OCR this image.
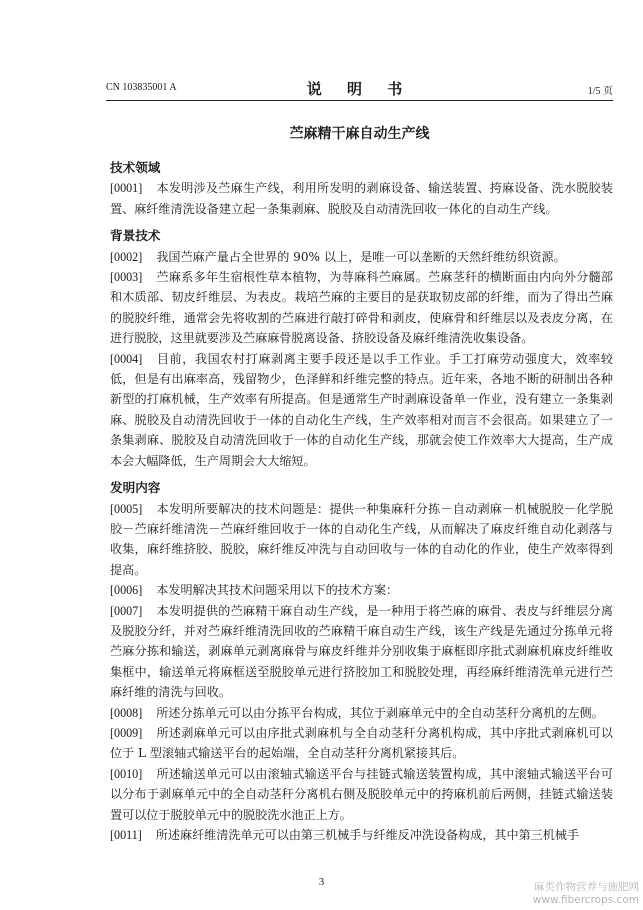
CN 103835001 A	说 明 书	1/5 页
苎麻精干麻自动生产线
技术领域

[0001] 本发明涉及苎麻生产线，利用所发明的剥麻设备、输送装置、挎麻设备、洗水脱胶装置、麻纤维清洗设备建立起一条集剥麻、脱胶及自动清洗回收一体化的自动生产线。

背景技术

[0002] 我国苎麻产量占全世界的 90% 以上，是唯一可以垄断的天然纤维纺织资源。

[0003] 苎麻系多年生宿根性草本植物，为荨麻科苎麻属。苎麻茎秆的横断面由内向外分髓部和木质部、韧皮纤维层、为表皮。栽培苎麻的主要目的是获取韧皮部的纤维，而为了得出苎麻的脱胶纤维，通常会先将收割的苎麻进行敲打碎骨和剥皮，使麻骨和纤维层以及表皮分离，在进行脱胶，这里就要涉及苎麻麻骨脱离设备、挤胶设备及麻纤维清洗收集设备。

[0004] 目前，我国农村打麻剥离主要手段还是以手工作业。手工打麻劳动强度大，效率较低，但是有出麻率高，残留物少，色泽鲜和纤维完整的特点。近年来，各地不断的研制出各种新型的打麻机械，生产效率有所提高。但是通常生产时剥麻设备单一作业，没有建立一条集剥麻、脱胶及自动清洗回收于一体的自动化生产线，生产效率相对而言不会很高。如果建立了一条集剥麻、脱胶及自动清洗回收于一体的自动化生产线，那就会使工作效率大大提高，生产成本会大幅降低，生产周期会大大缩短。

发明内容

[0005] 本发明所要解决的技术问题是：提供一种集麻秆分拣－自动剥麻－机械脱胶－化学脱胶－苎麻纤维清洗－苎麻纤维回收于一体的自动化生产线，从而解决了麻皮纤维自动化剥落与收集，麻纤维挤胶、脱胶，麻纤维反冲洗与自动回收与一体的自动化的作业，使生产效率得到提高。

[0006] 本发明解决其技术问题采用以下的技术方案：

[0007] 本发明提供的苎麻精干麻自动生产线，是一种用于将苎麻的麻骨、表皮与纤维层分离及脱胶分纤，并对苎麻纤维清洗回收的苎麻精干麻自动生产线，该生产线是先通过分拣单元将苎麻分拣和输送，剥麻单元剥离麻骨与麻皮纤维并分别收集于麻框即序批式剥麻机麻皮纤维收集框中，输送单元将麻框送至脱胶单元进行挤胶加工和脱胶处理，再经麻纤维清洗单元进行苎麻纤维的清洗与回收。

[0008] 所述分拣单元可以由分拣平台构成，其位于剥麻单元中的全自动茎秆分离机的左侧。

[0009] 所述剥麻单元可以由序批式剥麻机与全自动茎秆分离机构成，其中序批式剥麻机可以位于 L 型滚轴式输送平台的起始端，全自动茎秆分离机紧接其后。

[0010] 所述输送单元可以由滚轴式输送平台与挂链式输送装置构成，其中滚轴式输送平台可以分布于剥麻单元中的全自动茎秆分离机右侧及脱胶单元中的挎麻机前后两侧，挂链式输送装置可以位于脱胶单元中的脱胶洗水池正上方。

[0011] 所述麻纤维清洗单元可以由第三机械手与纤维反冲洗设备构成，其中第三机械手

3	麻类作物营养与施肥网
www.fibercrops.com
